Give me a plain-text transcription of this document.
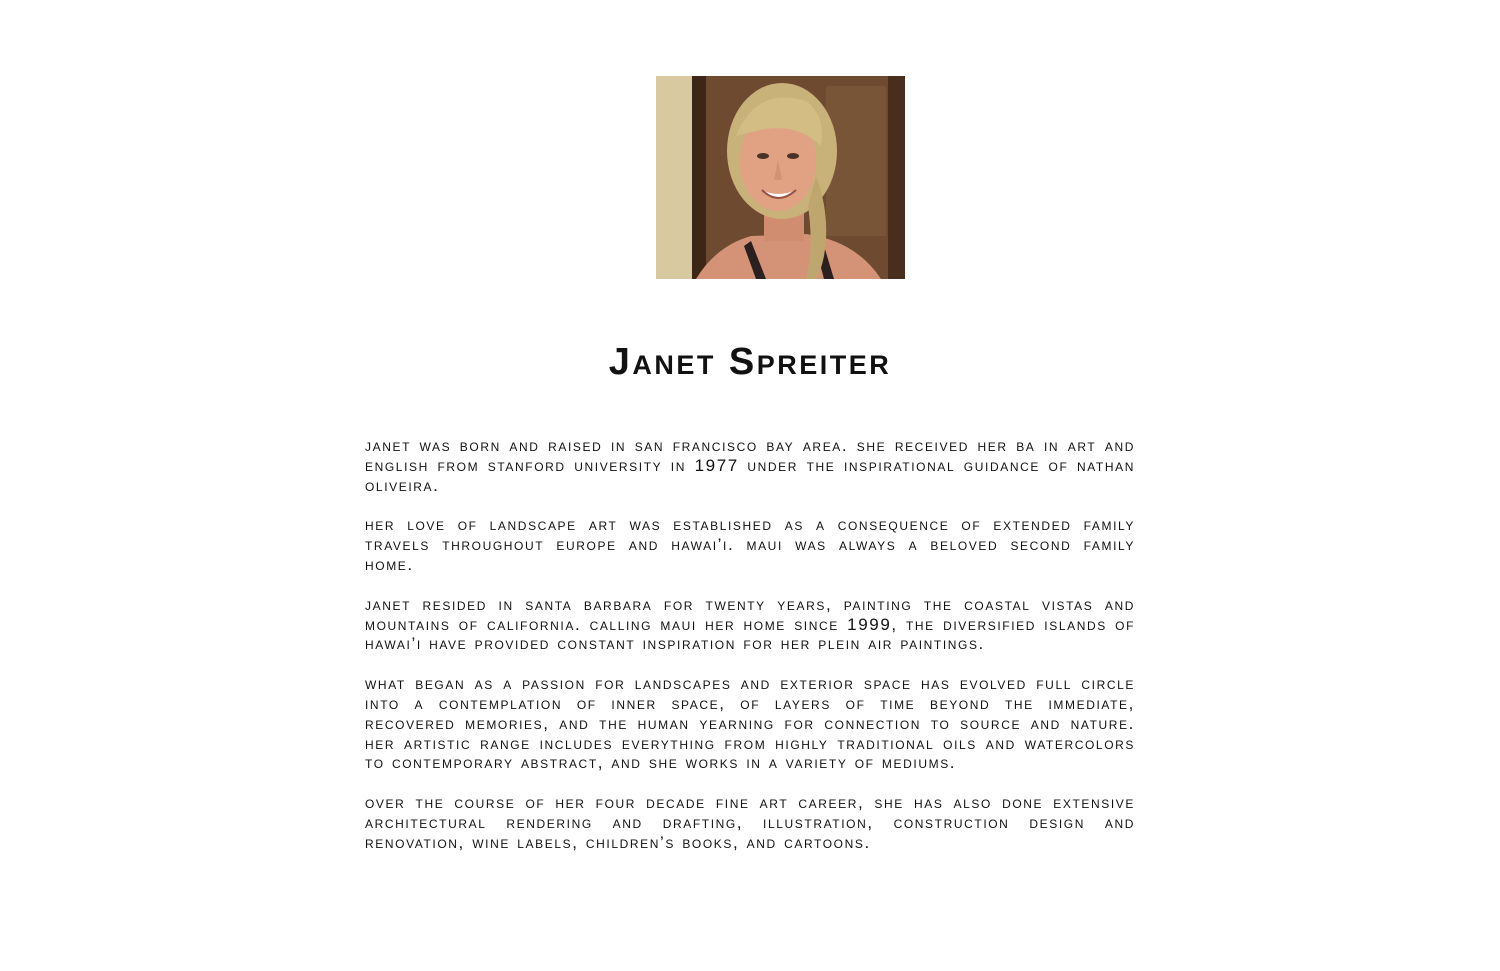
Janet Spreiter

janet was born and raised in san francisco bay area. she received her ba in art and english from stanford university in 1977 under the inspirational guidance of nathan oliveira.

her love of landscape art was established as a consequence of extended family travels throughout europe and hawai’i. maui was always a beloved second family home.

janet resided in santa barbara for twenty years, painting the coastal vistas and mountains of california. calling maui her home since 1999, the diversified islands of hawai’i have provided constant inspiration for her plein air paintings.

what began as a passion for landscapes and exterior space has evolved full circle into a contemplation of inner space, of layers of time beyond the immediate, recovered memories, and the human yearning for connection to source and nature. her artistic range includes everything from highly traditional oils and watercolors to contemporary abstract, and she works in a variety of mediums.

over the course of her four decade fine art career, she has also done extensive architectural rendering and drafting, illustration, construction design and renovation, wine labels, children’s books, and cartoons.
